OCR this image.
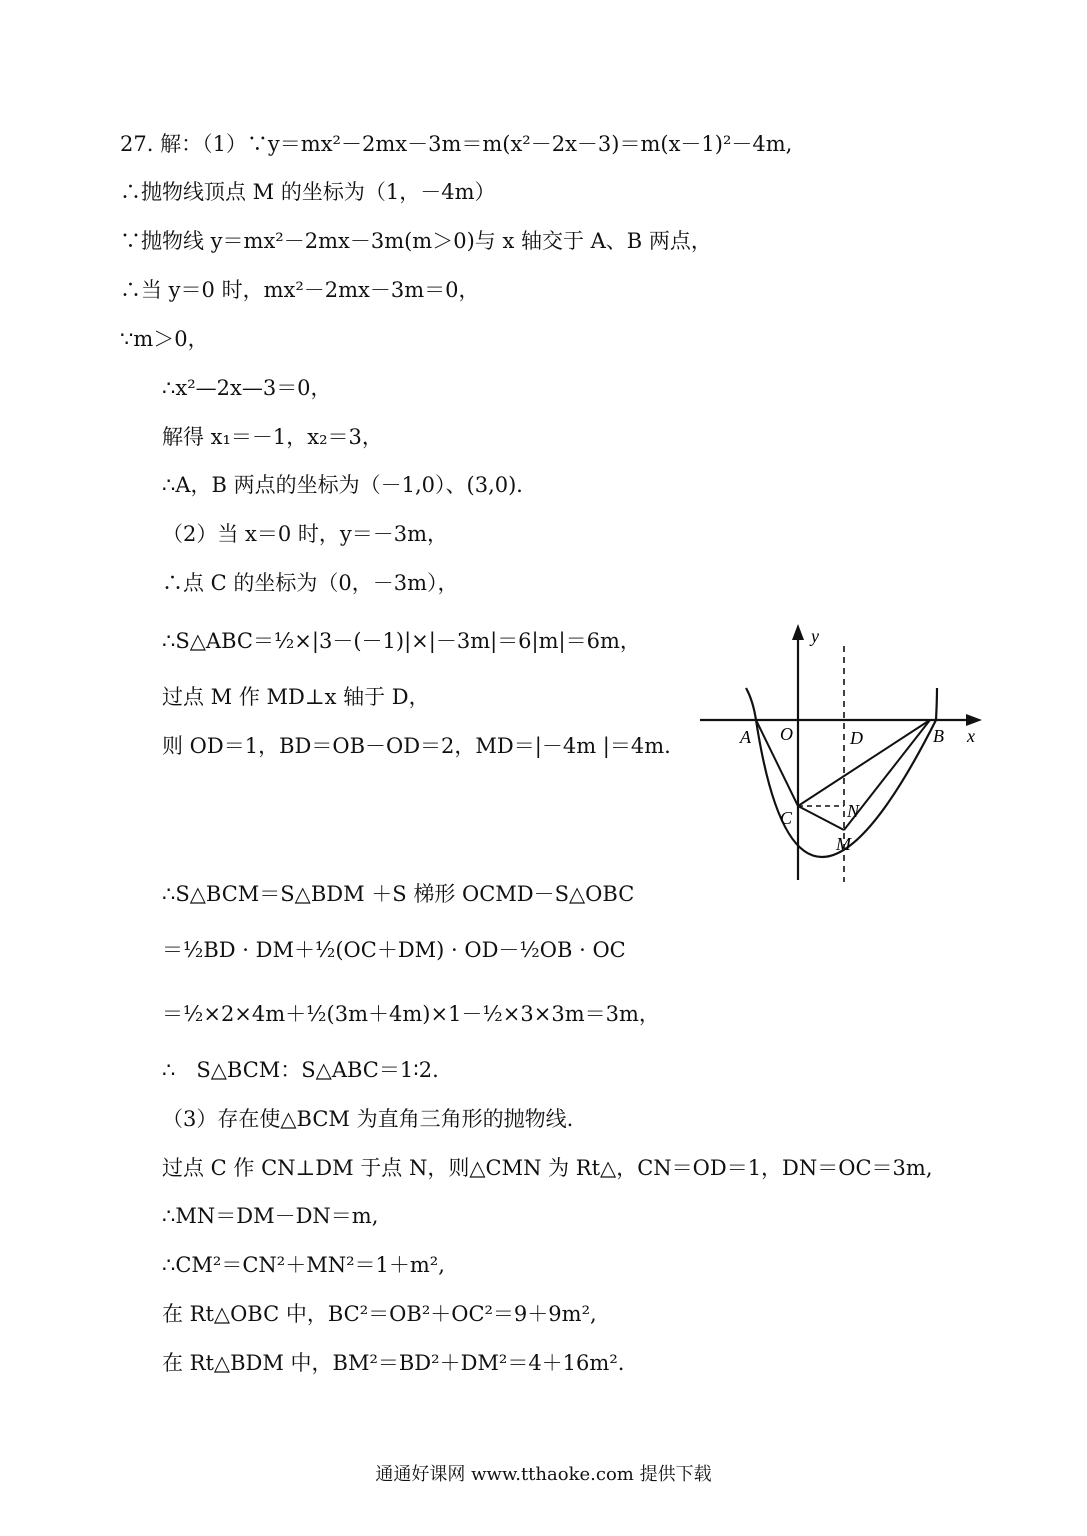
27. 解：（1）∵y＝mx²－2mx－3m＝m(x²－2x－3)＝m(x－1)²－4m,
∴抛物线顶点 M 的坐标为（1，－4m）
∵抛物线 y＝mx²－2mx－3m(m＞0)与 x 轴交于 A、B 两点，
∴当 y＝0 时，mx²－2mx－3m＝0，
∵m＞0，
∴x²—2x—3＝0，
解得 x₁＝－1，x₂＝3，
∴A，B 两点的坐标为（－1,0）、(3,0)．
（2）当 x＝0 时，y＝－3m，
∴点 C 的坐标为（0，－3m），
∴S△ABC＝½×|3－(－1)|×|－3m|＝6|m|＝6m，
过点 M 作 MD⊥x 轴于 D，
则 OD＝1，BD＝OB－OD＝2，MD＝|－4m |＝4m.
∴S△BCM＝S△BDM ＋S 梯形 OCMD－S△OBC
＝½BD · DM＋½(OC＋DM) · OD－½OB · OC
＝½×2×4m＋½(3m＋4m)×1－½×3×3m＝3m，
∴　S△BCM：S△ABC＝1∶2.
（3）存在使△BCM 为直角三角形的抛物线.
过点 C 作 CN⊥DM 于点 N，则△CMN 为 Rt△，CN＝OD＝1，DN＝OC＝3m,
∴MN＝DM－DN＝m,
∴CM²＝CN²＋MN²＝1＋m²,
在 Rt△OBC 中，BC²＝OB²＋OC²＝9＋9m²,
在 Rt△BDM 中，BM²＝BD²＋DM²＝4＋16m².
y
x
A O	D	B
C	N
M
通通好课网 www.tthaoke.com 提供下载
